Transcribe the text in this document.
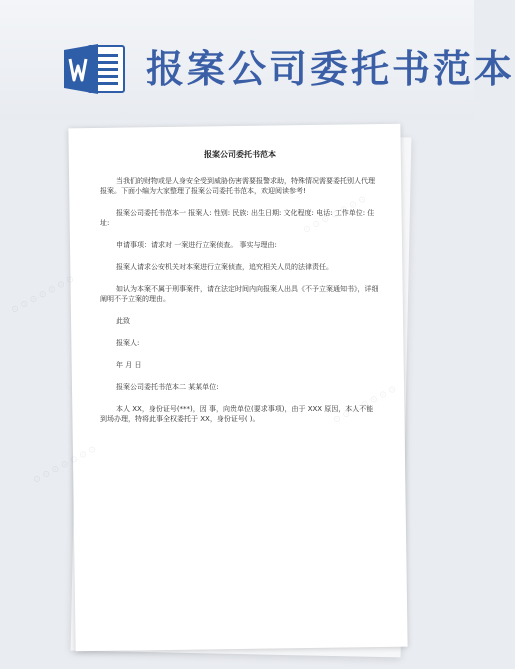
报案公司委托书范本
⊙ ⊙ ⊙ ⊙ ⊙ ⊙ ⊙
⊙ ⊙ ⊙ ⊙ ⊙ ⊙ ⊙
报案公司委托书范本

当我们的财物或是人身安全受到威胁伤害需要报警求助，特殊情况需要委托别人代理报案。下面小编为大家整理了报案公司委托书范本，欢迎阅读参考!

报案公司委托书范本一 报案人: 性别: 民族: 出生日期: 文化程度: 电话: 工作单位: 住址:

申请事项：请求对 一案进行立案侦查。 事实与理由:

报案人请求公安机关对本案进行立案侦查，追究相关人员的法律责任。

如认为本案不属于刑事案件，请在法定时间内向报案人出具《不予立案通知书》，详细阐明不予立案的理由。

此致
报案人:
年 月 日
报案公司委托书范本二 某某单位:

本人 XX，身份证号(***)，因 事，向贵单位(要求事项)，由于 XXX 原因，本人不能到场办理，特将此事全权委托于 XX，身份证号( )。
